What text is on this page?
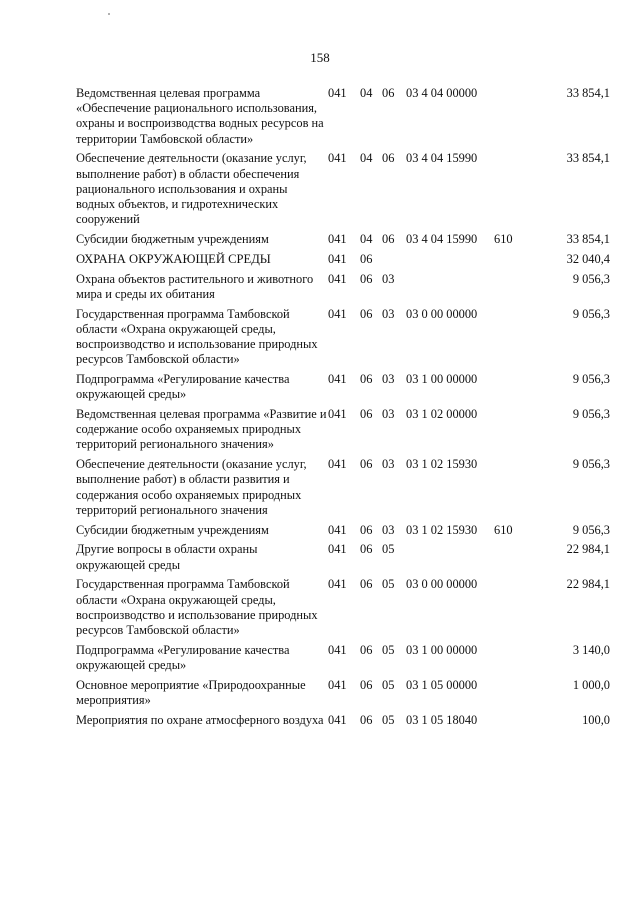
158
Ведомственная целевая программа «Обеспечение рационального использования, охраны и воспроизводства водных ресурсов на территории Тамбовской области»	041	04 06	03 4 04 00000		33 854,1
Обеспечение деятельности (оказание услуг, выполнение работ) в области обеспечения рационального использования и охраны водных объектов, и гидротехнических сооружений	041	04 06	03 4 04 15990		33 854,1
Субсидии бюджетным учреждениям	041	04 06	03 4 04 15990	610	33 854,1
ОХРАНА ОКРУЖАЮЩЕЙ СРЕДЫ	041	06			32 040,4
Охрана объектов растительного и животного мира и среды их обитания	041	06 03			9 056,3
Государственная программа Тамбовской области «Охрана окружающей среды, воспроизводство и использование природных ресурсов Тамбовской области»	041	06 03	03 0 00 00000		9 056,3
Подпрограмма «Регулирование качества окружающей среды»	041	06 03	03 1 00 00000		9 056,3
Ведомственная целевая программа «Развитие и содержание особо охраняемых природных территорий регионального значения»	041	06 03	03 1 02 00000		9 056,3
Обеспечение деятельности (оказание услуг, выполнение работ) в области развития и содержания особо охраняемых природных территорий регионального значения	041	06 03	03 1 02 15930		9 056,3
Субсидии бюджетным учреждениям	041	06 03	03 1 02 15930	610	9 056,3
Другие вопросы в области охраны окружающей среды	041	06 05			22 984,1
Государственная программа Тамбовской области «Охрана окружающей среды, воспроизводство и использование природных ресурсов Тамбовской области»	041	06 05	03 0 00 00000		22 984,1
Подпрограмма «Регулирование качества окружающей среды»	041	06 05	03 1 00 00000		3 140,0
Основное мероприятие «Природоохранные мероприятия»	041	06 05	03 1 05 00000		1 000,0
Мероприятия по охране атмосферного воздуха	041	06 05	03 1 05 18040		100,0
